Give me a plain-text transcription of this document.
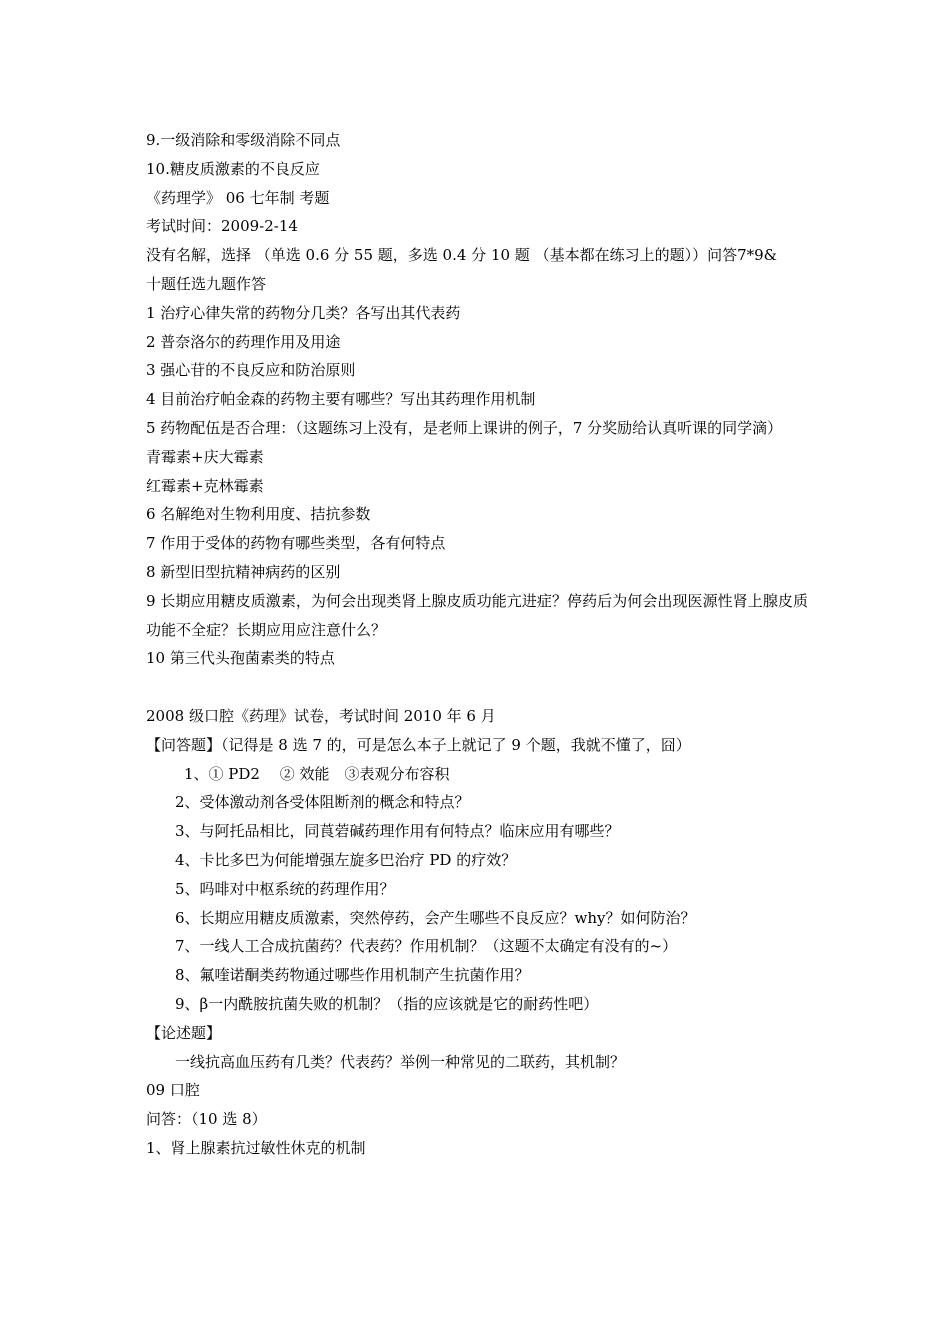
9.一级消除和零级消除不同点
10.糖皮质激素的不良反应
《药理学》 06 七年制 考题
考试时间：2009-2-14
没有名解，选择 （单选 0.6 分 55 题，多选 0.4 分 10 题 （基本都在练习上的题））问答7*9&
十题任选九题作答
1 治疗心律失常的药物分几类？各写出其代表药
2 普奈洛尔的药理作用及用途
3 强心苷的不良反应和防治原则
4 目前治疗帕金森的药物主要有哪些？写出其药理作用机制
5 药物配伍是否合理：（这题练习上没有，是老师上课讲的例子，7 分奖励给认真听课的同学滴）
青霉素+庆大霉素
红霉素+克林霉素
6 名解绝对生物利用度、拮抗参数
7 作用于受体的药物有哪些类型，各有何特点
8 新型旧型抗精神病药的区别
9 长期应用糖皮质激素，为何会出现类肾上腺皮质功能亢进症？停药后为何会出现医源性肾上腺皮质功能不全症？长期应用应注意什么？
10 第三代头孢菌素类的特点
2008 级口腔《药理》试卷，考试时间 2010 年 6 月
【问答题】（记得是 8 选 7 的，可是怎么本子上就记了 9 个题，我就不懂了，囧）
1、① PD2　 ② 效能　③表观分布容积
2、受体激动剂各受体阻断剂的概念和特点？
3、与阿托品相比，同莨菪碱药理作用有何特点？临床应用有哪些？
4、卡比多巴为何能增强左旋多巴治疗 PD 的疗效？
5、吗啡对中枢系统的药理作用？
6、长期应用糖皮质激素，突然停药，会产生哪些不良反应？why？如何防治？
7、一线人工合成抗菌药？代表药？作用机制？（这题不太确定有没有的~）
8、氟喹诺酮类药物通过哪些作用机制产生抗菌作用？
9、β一内酰胺抗菌失败的机制？（指的应该就是它的耐药性吧）
【论述题】
一线抗高血压药有几类？代表药？举例一种常见的二联药，其机制？
09 口腔
问答：（10 选 8）
1、肾上腺素抗过敏性休克的机制
